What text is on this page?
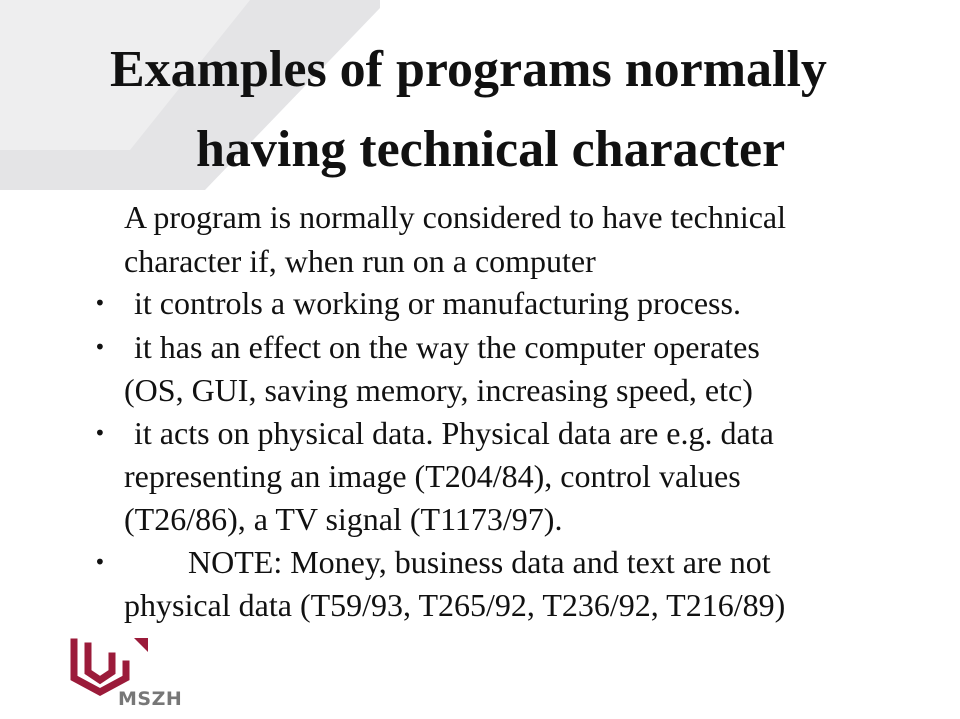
Examples of programs normally
having technical character
A program is normally considered to have technical
character if, when run on a computer
• it controls a working or manufacturing process.
• it has an effect on the way the computer operates
(OS, GUI, saving memory, increasing speed, etc)
• it acts on physical data. Physical data are e.g. data
representing an image (T204/84), control values
(T26/86), a TV signal (T1173/97).
•	NOTE: Money, business data and text are not
physical data (T59/93, T265/92, T236/92, T216/89)
MSZH
